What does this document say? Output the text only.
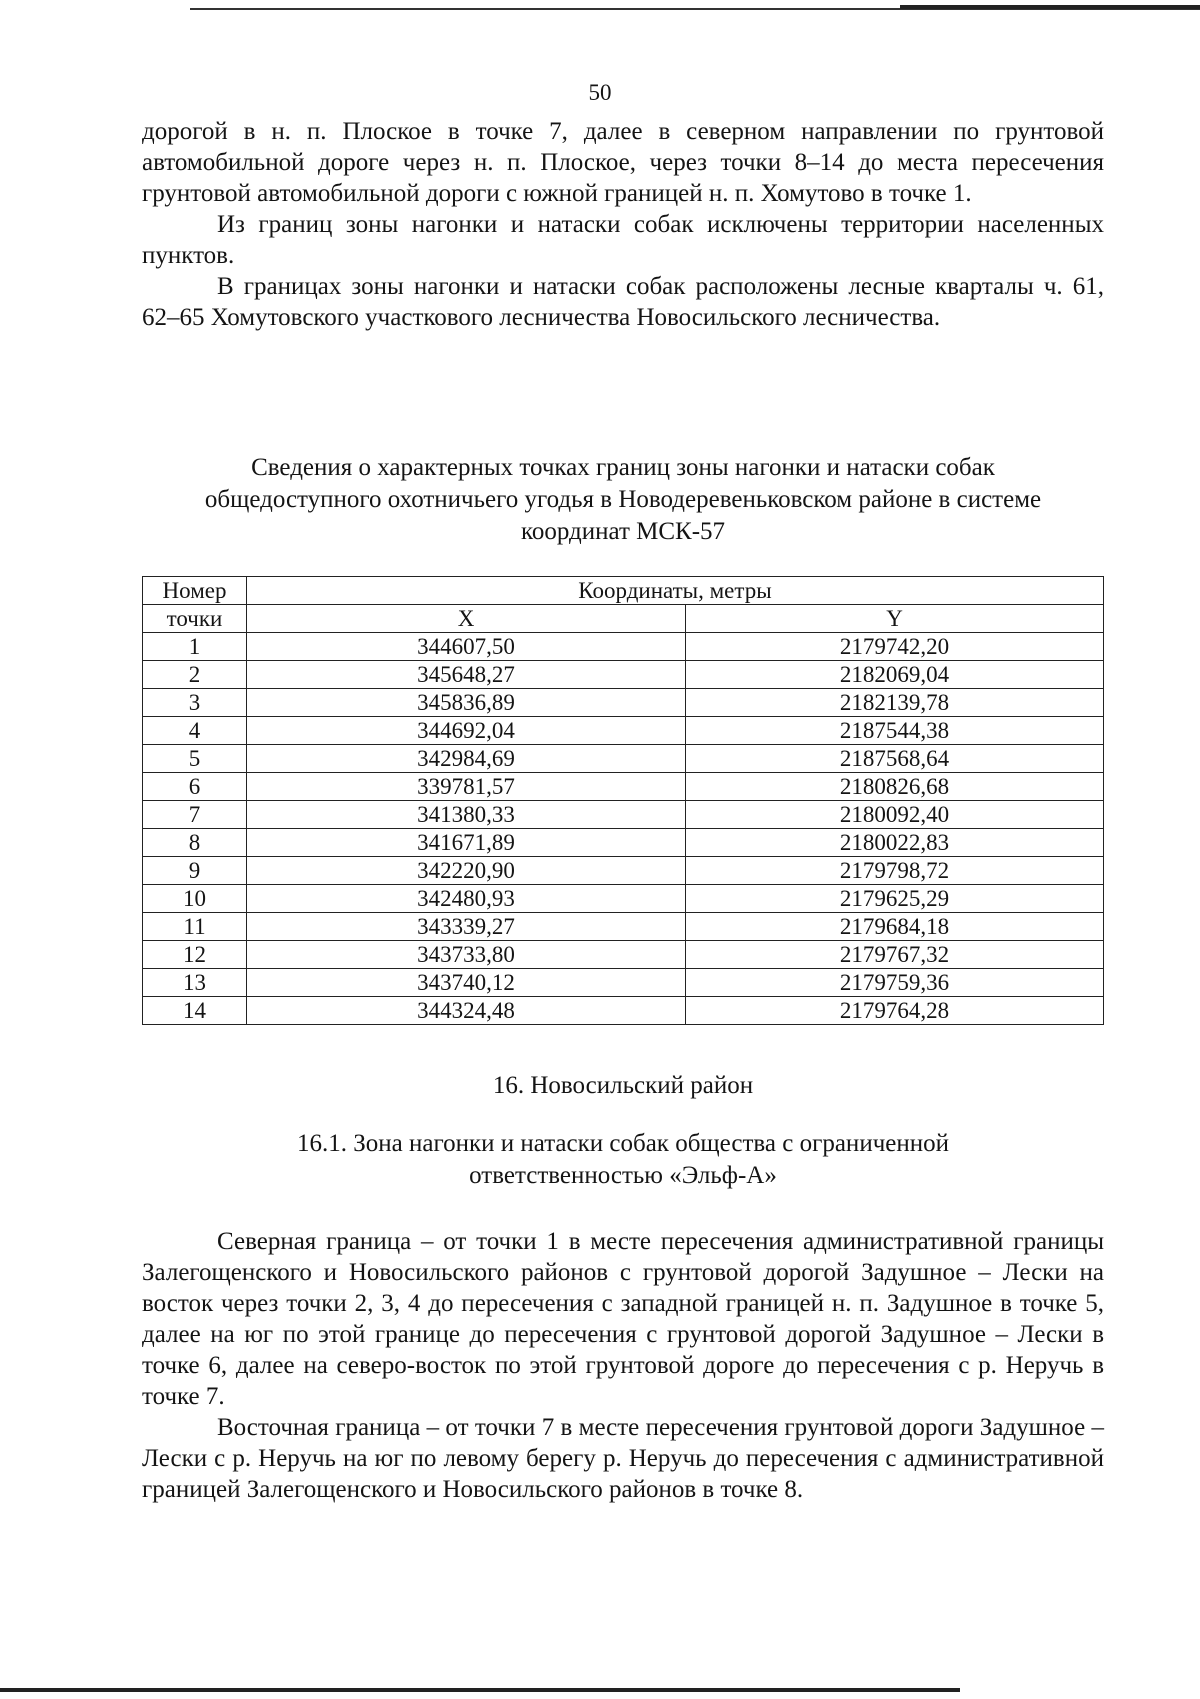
50

дорогой в н. п. Плоское в точке 7, далее в северном направлении по грунтовой автомобильной дороге через н. п. Плоское, через точки 8–14 до места пересечения грунтовой автомобильной дороги с южной границей н. п. Хомутово в точке 1.

Из границ зоны нагонки и натаски собак исключены территории населенных пунктов.

В границах зоны нагонки и натаски собак расположены лесные кварталы ч. 61, 62–65 Хомутовского участкового лесничества Новосильского лесничества.

Сведения о характерных точках границ зоны нагонки и натаски собак

общедоступного охотничьего угодья в Новодеревеньковском районе в системе

координат МСК-57

Номер	Координаты, метры	
точки	X	Y
1	344607,50	2179742,20
2	345648,27	2182069,04
3	345836,89	2182139,78
4	344692,04	2187544,38
5	342984,69	2187568,64
6	339781,57	2180826,68
7	341380,33	2180092,40
8	341671,89	2180022,83
9	342220,90	2179798,72
10	342480,93	2179625,29
11	343339,27	2179684,18
12	343733,80	2179767,32
13	343740,12	2179759,36
14	344324,48	2179764,28
16. Новосильский район

16.1. Зона нагонки и натаски собак общества с ограниченной

ответственностью «Эльф-А»

Северная граница – от точки 1 в месте пересечения административной границы Залегощенского и Новосильского районов с грунтовой дорогой Задушное – Лески на восток через точки 2, 3, 4 до пересечения с западной границей н. п. Задушное в точке 5, далее на юг по этой границе до пересечения с грунтовой дорогой Задушное – Лески в точке 6, далее на северо-восток по этой грунтовой дороге до пересечения с р. Неручь в точке 7.

Восточная граница – от точки 7 в месте пересечения грунтовой дороги Задушное – Лески с р. Неручь на юг по левому берегу р. Неручь до пересечения с административной границей Залегощенского и Новосильского районов в точке 8.
